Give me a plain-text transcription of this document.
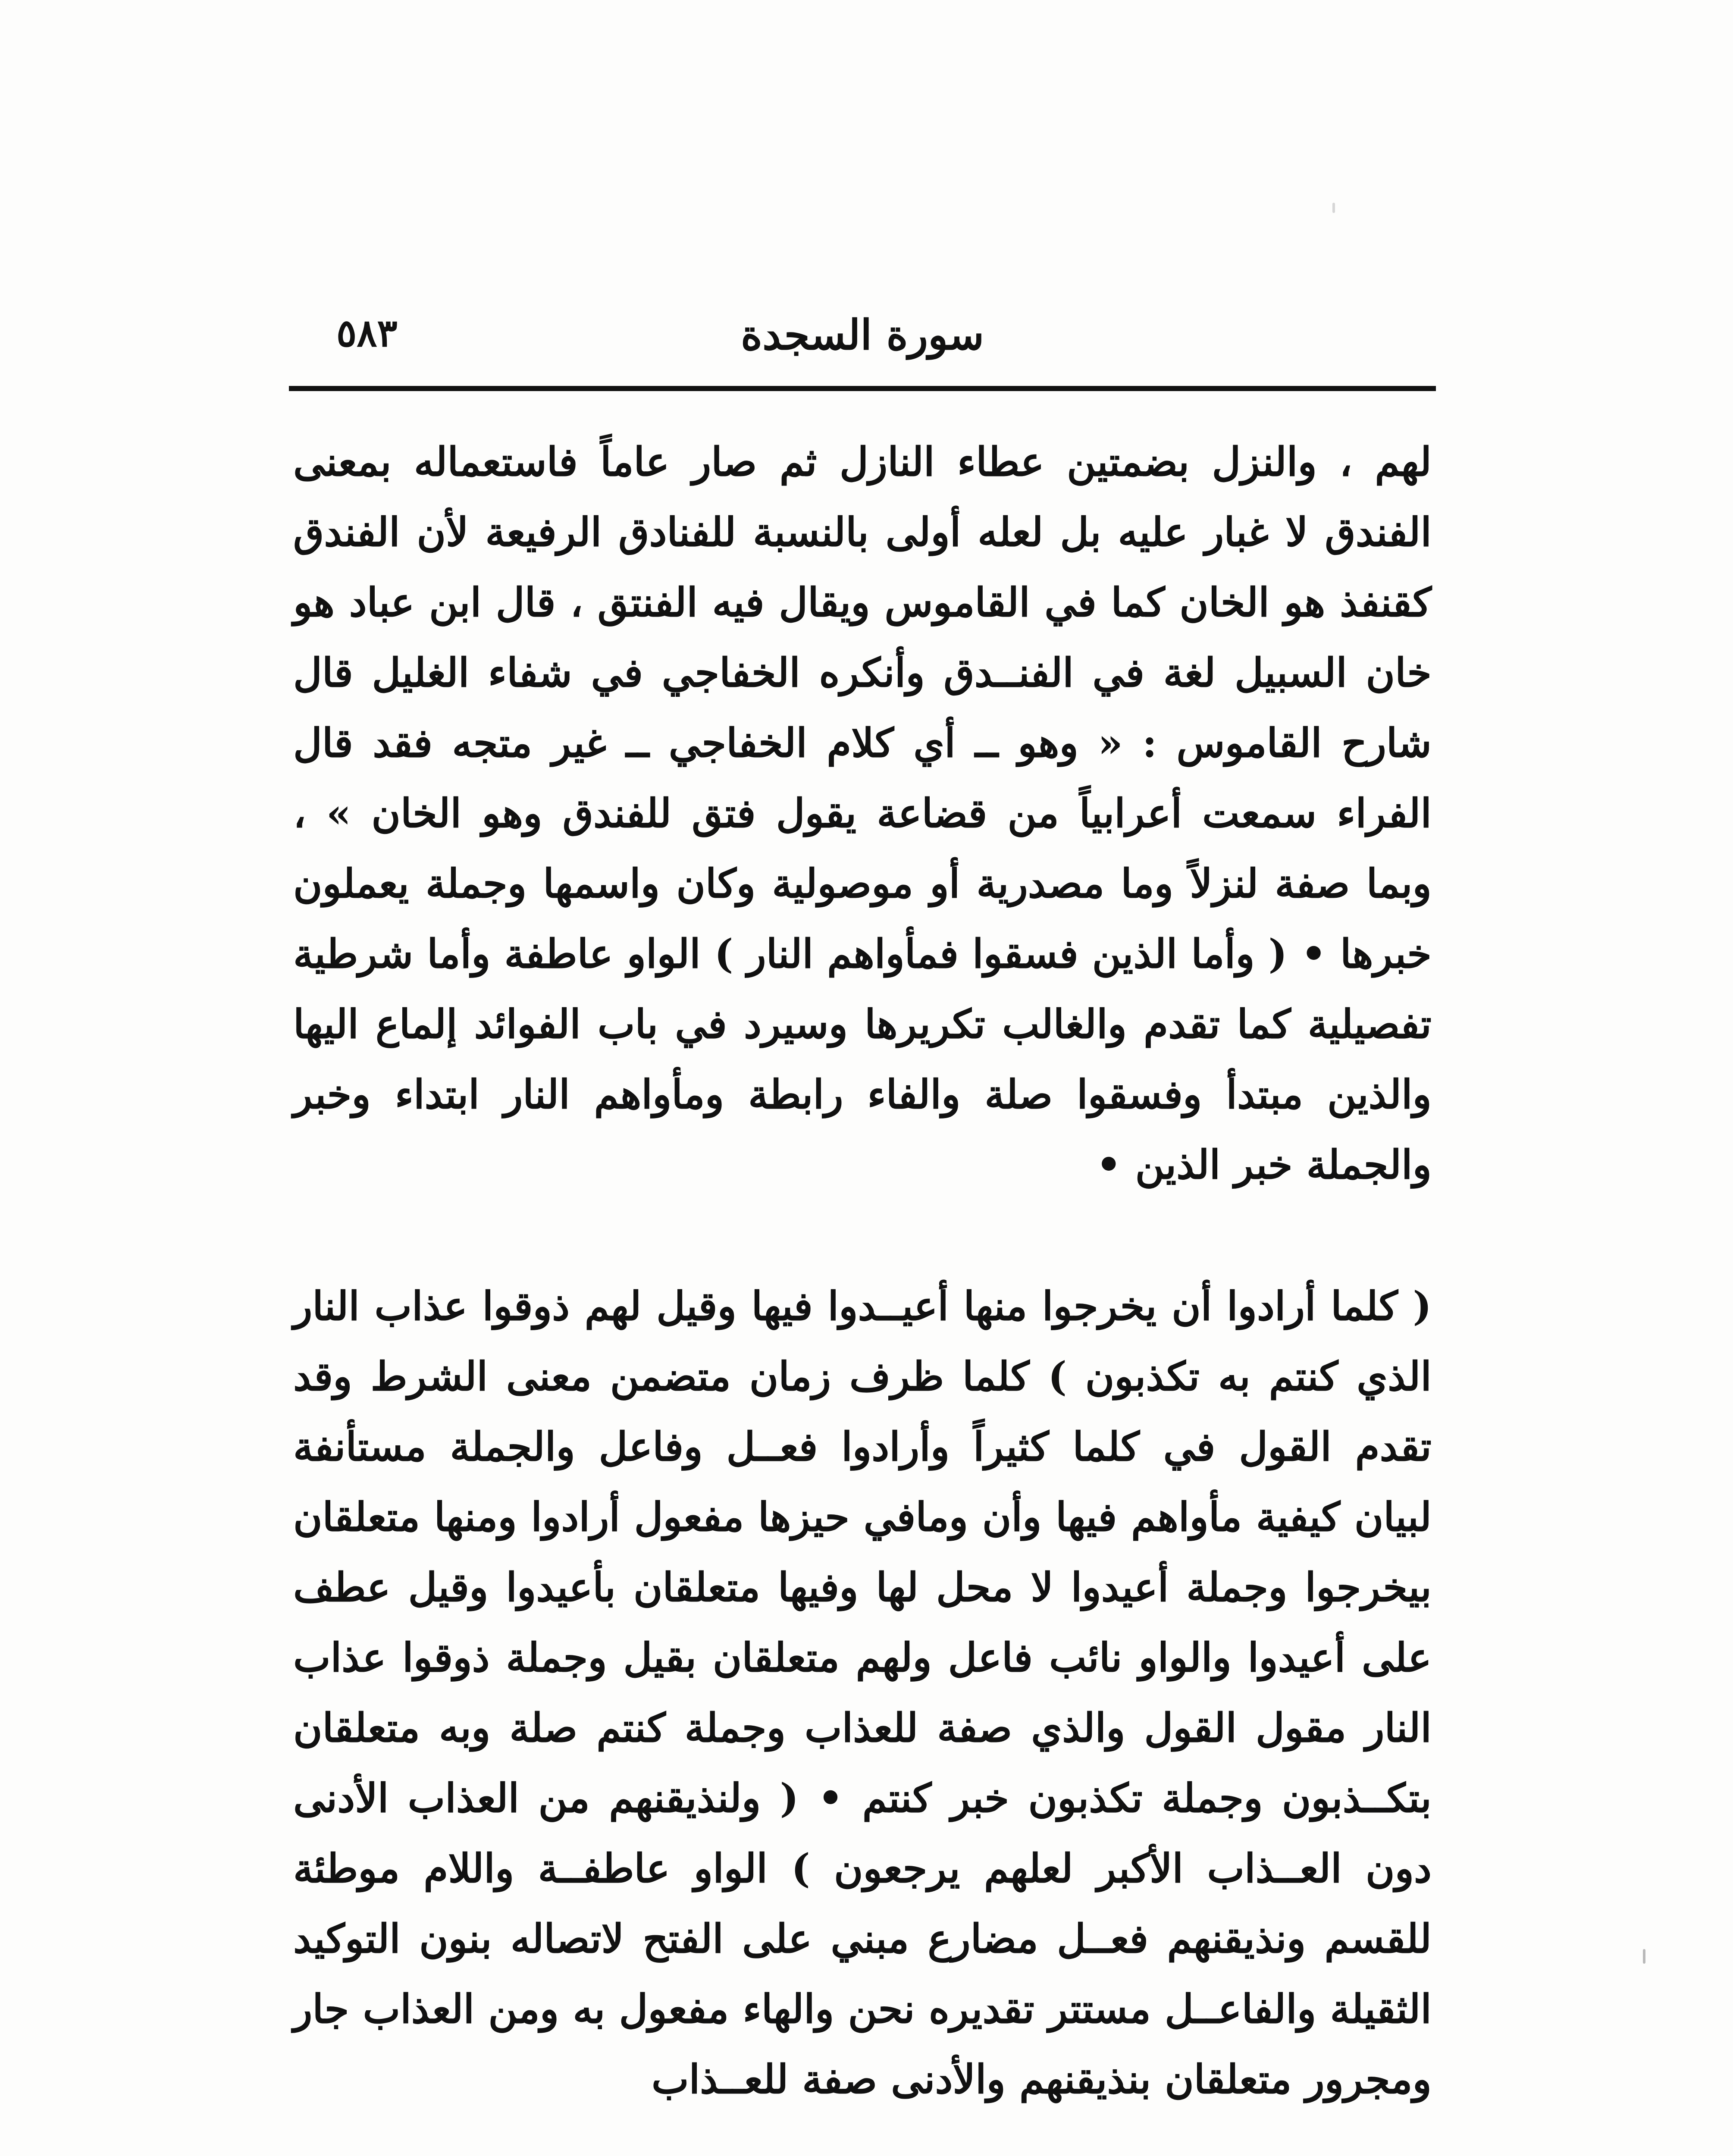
٥٨٣	سورة السجدة

لهم ، والنزل بضمتين عطاء النازل ثم صار عاماً فاستعماله بمعنى الفندق لا غبار عليه بل لعله أولى بالنسبة للفنادق الرفيعة لأن الفندق كقنفذ هو الخان كما في القاموس ويقال فيه الفنتق ، قال ابن عباد هو خان السبيل لغة في الفنــدق وأنكره الخفاجي في شفاء الغليل قال شارح القاموس : « وهو ــ أي كلام الخفاجي ــ غير متجه فقد قال الفراء سمعت أعرابياً من قضاعة يقول فتق للفندق وهو الخان » ، وبما صفة لنزلاً وما مصدرية أو موصولية وكان واسمها وجملة يعملون خبرها • ( وأما الذين فسقوا فمأواهم النار ) الواو عاطفة وأما شرطية تفصيلية كما تقدم والغالب تكريرها وسيرد في باب الفوائد إلماع اليها والذين مبتدأ وفسقوا صلة والفاء رابطة ومأواهم النار ابتداء وخبر والجملة خبر الذين •

( كلما أرادوا أن يخرجوا منها أعيــدوا فيها وقيل لهم ذوقوا عذاب النار الذي كنتم به تكذبون ) كلما ظرف زمان متضمن معنى الشرط وقد تقدم القول في كلما كثيراً وأرادوا فعــل وفاعل والجملة مستأنفة لبيان كيفية مأواهم فيها وأن ومافي حيزها مفعول أرادوا ومنها متعلقان بيخرجوا وجملة أعيدوا لا محل لها وفيها متعلقان بأعيدوا وقيل عطف على أعيدوا والواو نائب فاعل ولهم متعلقان بقيل وجملة ذوقوا عذاب النار مقول القول والذي صفة للعذاب وجملة كنتم صلة وبه متعلقان بتكــذبون وجملة تكذبون خبر كنتم • ( ولنذيقنهم من العذاب الأدنى دون العــذاب الأكبر لعلهم يرجعون ) الواو عاطفــة واللام موطئة للقسم ونذيقنهم فعــل مضارع مبني على الفتح لاتصاله بنون التوكيد الثقيلة والفاعــل مستتر تقديره نحن والهاء مفعول به ومن العذاب جار ومجرور متعلقان بنذيقنهم والأدنى صفة للعــذاب
